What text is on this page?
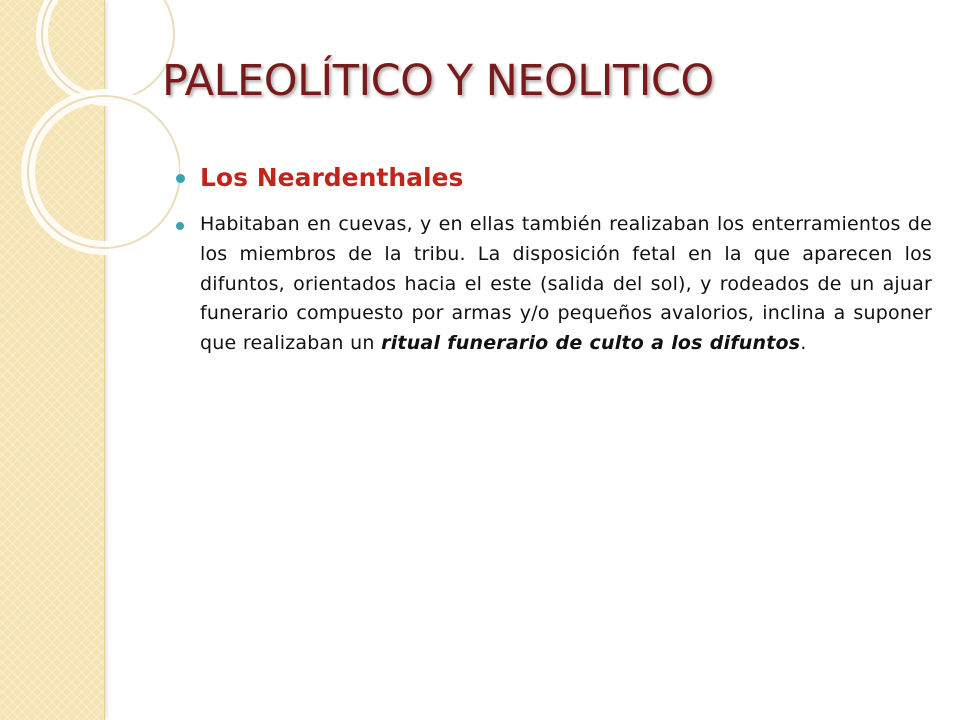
PALEOLÍTICO Y NEOLITICO
Los Neardenthales
Habitaban en cuevas, y en ellas también realizaban los enterramientos de los miembros de la tribu. La disposición fetal en la que aparecen los difuntos, orientados hacia el este (salida del sol), y rodeados de un ajuar funerario compuesto por armas y/o pequeños avalorios, inclina a suponer que realizaban un ritual funerario de culto a los difuntos.
